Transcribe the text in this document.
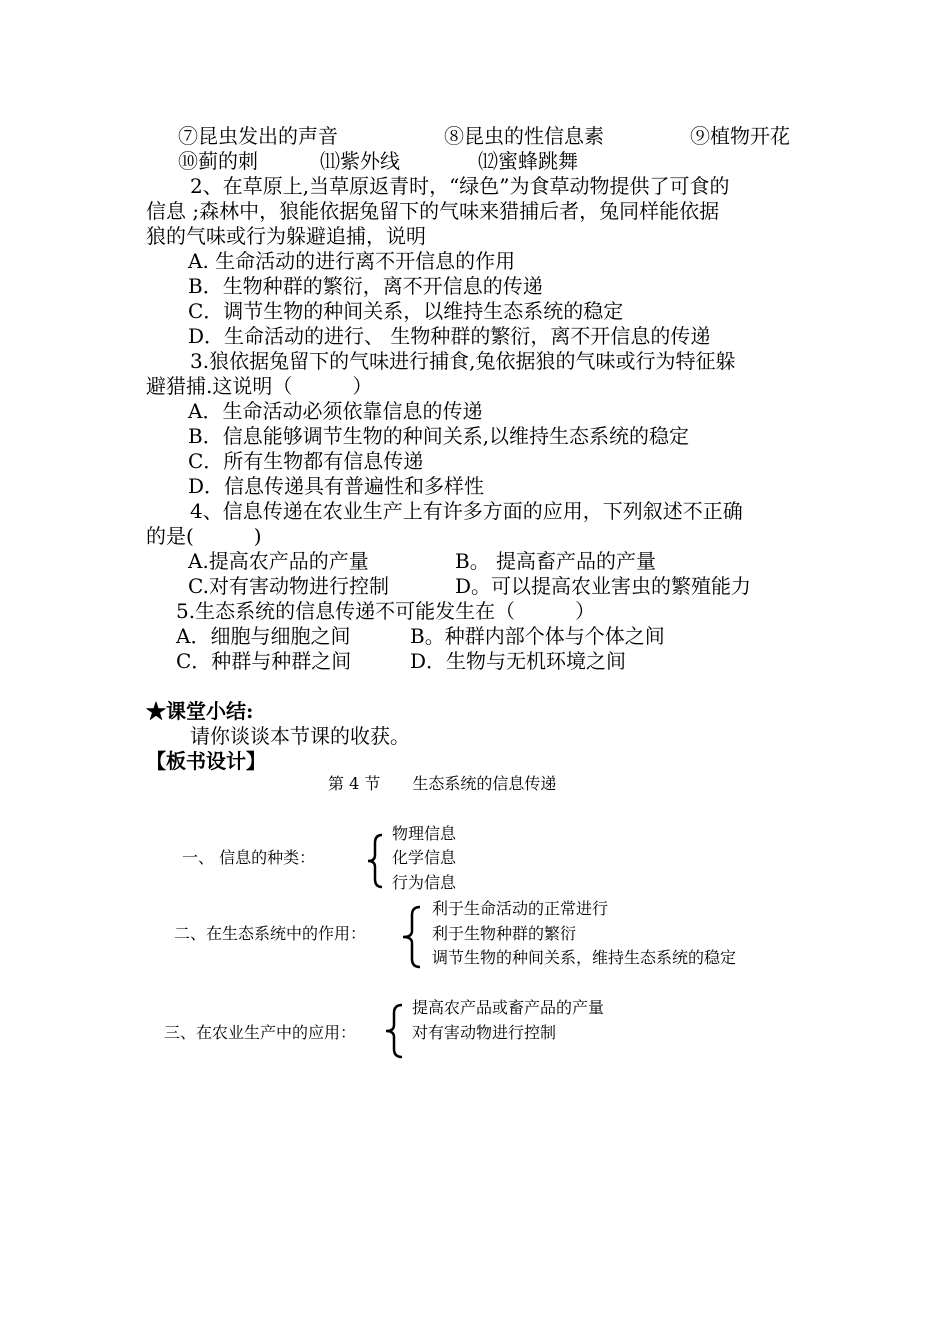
⑦昆虫发出的声音	⑧昆虫的性信息素	⑨植物开花
⑩蓟的刺	⑾紫外线	⑿蜜蜂跳舞
2、在草原上,当草原返青时，“绿色”为食草动物提供了可食的
信息 ;森林中，狼能依据兔留下的气味来猎捕后者，兔同样能依据
狼的气味或行为躲避追捕，说明
A. 生命活动的进行离不开信息的作用
B．生物种群的繁衍，离不开信息的传递
C．调节生物的种间关系，以维持生态系统的稳定
D．生命活动的进行、 生物种群的繁衍，离不开信息的传递
3.狼依据兔留下的气味进行捕食,兔依据狼的气味或行为特征躲
避猎捕.这说明（　　　）
A．生命活动必须依靠信息的传递
B．信息能够调节生物的种间关系,以维持生态系统的稳定
C．所有生物都有信息传递
D．信息传递具有普遍性和多样性
4、信息传递在农业生产上有许多方面的应用，下列叙述不正确
的是(　　　)
A.提高农产品的产量	B。 提高畜产品的产量
C.对有害动物进行控制	D。可以提高农业害虫的繁殖能力
5.生态系统的信息传递不可能发生在（　　　）
A．细胞与细胞之间	B。种群内部个体与个体之间
C．种群与种群之间	D．生物与无机环境之间
★课堂小结:
请你谈谈本节课的收获。
【板书设计】
第 4 节　　生态系统的信息传递
一、 信息的种类：
物理信息
化学信息
行为信息
二、在生态系统中的作用：
利于生命活动的正常进行
利于生物种群的繁衍
调节生物的种间关系，维持生态系统的稳定
三、在农业生产中的应用：
提高农产品或畜产品的产量
对有害动物进行控制
